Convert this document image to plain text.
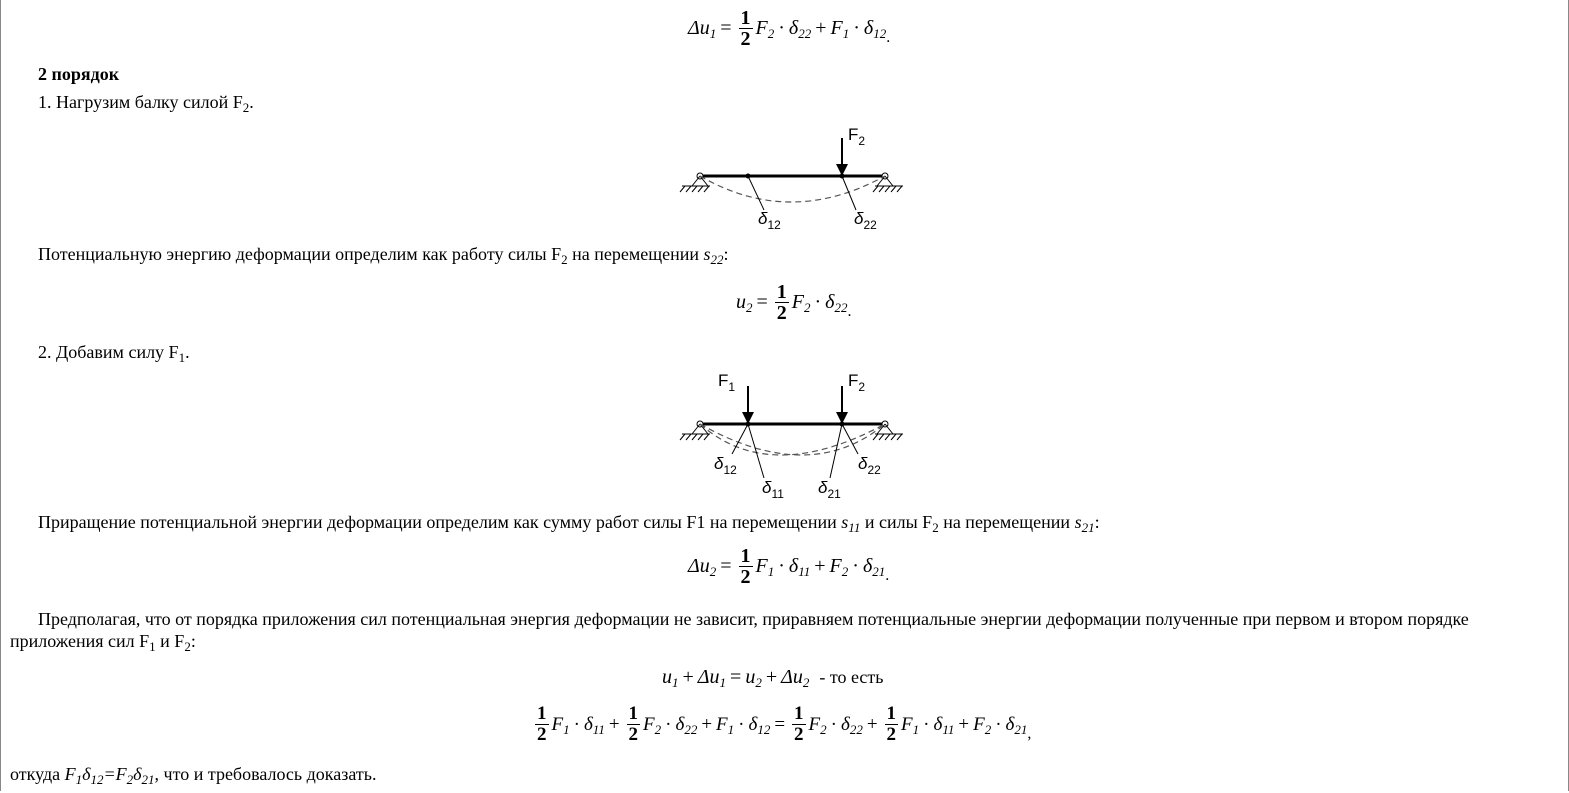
$\Delta u_1 = \frac{1}{2} F_2 \cdot \delta_{22} + F_1 \cdot \delta_{12}$ .
2 порядок
1. Нагрузим балку силой $F_2$.
$F_2$
$\delta_{12}$	$\delta_{22}$
Потенциальную энергию деформации определим как работу силы $F_2$ на перемещении $s_{22}$:
$u_2 = \frac{1}{2} F_2 \cdot \delta_{22}$ .
2. Добавим силу $F_1$.
$F_1$	$F_2$
$\delta_{12}$
$\delta_{11}$ $\delta_{21}$
$\delta_{22}$
Приращение потенциальной энергии деформации определим как сумму работ силы F1 на перемещении $s_{11}$ и силы $F_2$ на перемещении $s_{21}$:
$\Delta u_2 = \frac{1}{2} F_1 \cdot \delta_{11} + F_2 \cdot \delta_{21}$ .
Предполагая, что от порядка приложения сил потенциальная энергия деформации не зависит, приравняем потенциальные энергии деформации полученные при первом и втором порядке приложения сил $F_1$ и $F_2$:
$u_1 + \Delta u_1 = u_2 + \Delta u_2$ - то есть
$\frac{1}{2} F_1 \cdot \delta_{11} + \frac{1}{2} F_2 \cdot \delta_{22} + F_1 \cdot \delta_{12} = \frac{1}{2} F_2 \cdot \delta_{22} + \frac{1}{2} F_1 \cdot \delta_{11} + F_2 \cdot \delta_{21}$ ,
откуда $F_1\delta_{12}=F_2\delta_{21}$, что и требовалось доказать.
